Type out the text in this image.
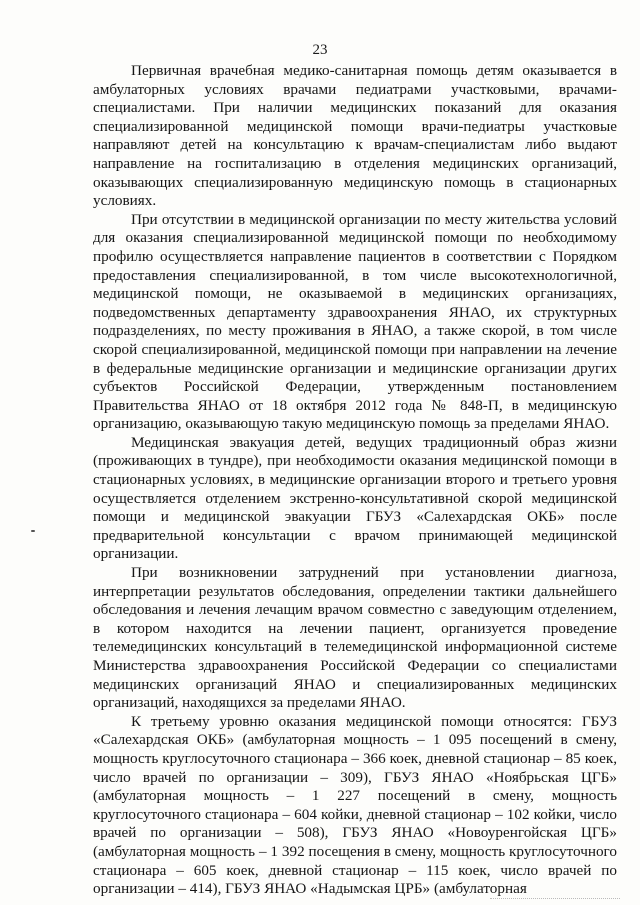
23

Первичная врачебная медико-санитарная помощь детям оказывается в амбулаторных условиях врачами педиатрами участковыми, врачами-специалистами. При наличии медицинских показаний для оказания специализированной медицинской помощи врачи-педиатры участковые направляют детей на консультацию к врачам-специалистам либо выдают направление на госпитализацию в отделения медицинских организаций, оказывающих специализированную медицинскую помощь в стационарных условиях.

При отсутствии в медицинской организации по месту жительства условий для оказания специализированной медицинской помощи по необходимому профилю осуществляется направление пациентов в соответствии с Порядком предоставления специализированной, в том числе высокотехнологичной, медицинской помощи, не оказываемой в медицинских организациях, подведомственных департаменту здравоохранения ЯНАО, их структурных подразделениях, по месту проживания в ЯНАО, а также скорой, в том числе скорой специализированной, медицинской помощи при направлении на лечение в федеральные медицинские организации и медицинские организации других субъектов Российской Федерации, утвержденным постановлением Правительства ЯНАО от 18 октября 2012 года № 848-П, в медицинскую организацию, оказывающую такую медицинскую помощь за пределами ЯНАО.

Медицинская эвакуация детей, ведущих традиционный образ жизни (проживающих в тундре), при необходимости оказания медицинской помощи в стационарных условиях, в медицинские организации второго и третьего уровня осуществляется отделением экстренно-консультативной скорой медицинской помощи и медицинской эвакуации ГБУЗ «Салехардская ОКБ» после предварительной консультации с врачом принимающей медицинской организации.

При возникновении затруднений при установлении диагноза, интерпретации результатов обследования, определении тактики дальнейшего обследования и лечения лечащим врачом совместно с заведующим отделением, в котором находится на лечении пациент, организуется проведение телемедицинских консультаций в телемедицинской информационной системе Министерства здравоохранения Российской Федерации со специалистами медицинских организаций ЯНАО и специализированных медицинских организаций, находящихся за пределами ЯНАО.

К третьему уровню оказания медицинской помощи относятся: ГБУЗ «Салехардская ОКБ» (амбулаторная мощность – 1 095 посещений в смену, мощность круглосуточного стационара – 366 коек, дневной стационар – 85 коек, число врачей по организации – 309), ГБУЗ ЯНАО «Ноябрьская ЦГБ» (амбулаторная мощность – 1 227 посещений в смену, мощность круглосуточного стационара – 604 койки, дневной стационар – 102 койки, число врачей по организации – 508), ГБУЗ ЯНАО «Новоуренгойская ЦГБ» (амбулаторная мощность – 1 392 посещения в смену, мощность круглосуточного стационара – 605 коек, дневной стационар – 115 коек, число врачей по организации – 414), ГБУЗ ЯНАО «Надымская ЦРБ» (амбулаторная
